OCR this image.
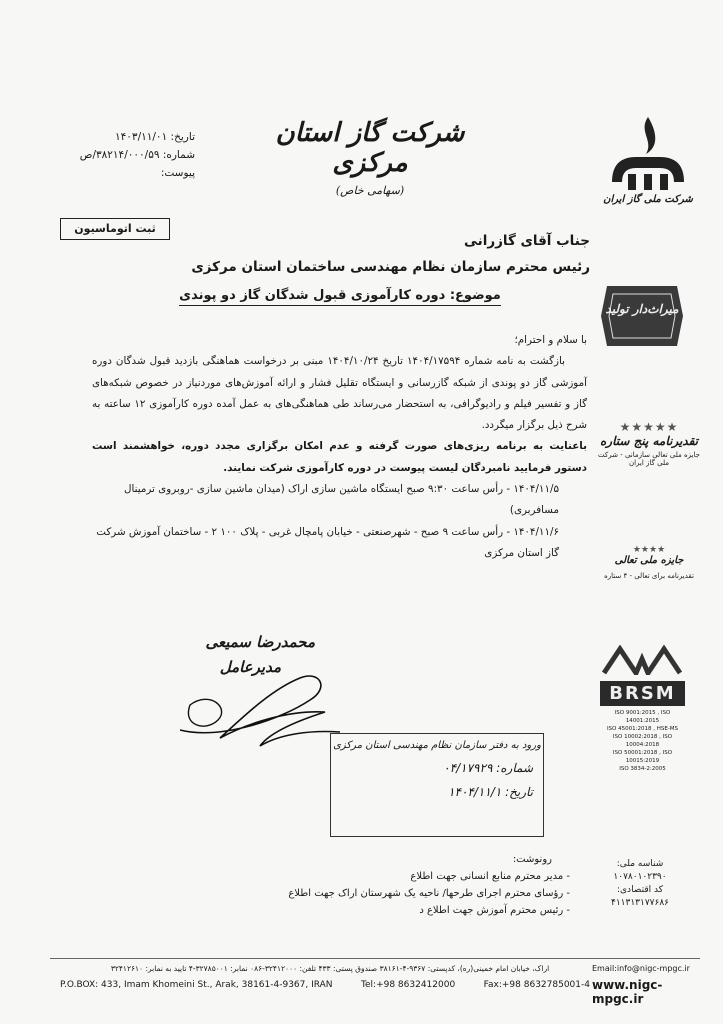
شرکت ملی گاز ایران
شرکت گاز استان مرکزی
(سهامی خاص)
تاریخ: ۱۴۰۳/۱۱/۰۱
شماره: ۳۸۲۱۴/۰۰۰/۵۹/ص
پیوست:
ثبت اتوماسیون
جناب آقای گازرانی
رئیس محترم سازمان نظام مهندسی ساختمان استان مرکزی
موضوع: دوره کارآموزی قبول شدگان گاز دو پوندی

با سلام و احترام؛

بازگشت به نامه شماره ۱۴۰۴/۱۷۵۹۴ تاریخ ۱۴۰۴/۱۰/۲۴ مبنی بر درخواست هماهنگی بازدید قبول شدگان دوره آموزشی گاز دو پوندی از شبکه گازرسانی و ایستگاه تقلیل فشار و ارائه آموزش‌های موردنیاز در خصوص شبکه‌های گاز و تفسیر فیلم و رادیوگرافی، به استحضار می‌رساند طی هماهنگی‌های به عمل آمده دوره کارآموزی ۱۲ ساعته به شرح ذیل برگزار میگردد.

باعنایت به برنامه ریزی‌های صورت گرفته و عدم امکان برگزاری مجدد دوره، خواهشمند است دستور فرمایید نامبردگان لیست پیوست در دوره کارآموزی شرکت نمایند.

۱۴۰۴/۱۱/۵ - رأس ساعت ۹:۳۰ صبح ایستگاه ماشین سازی اراک (میدان ماشین سازی -روبروی ترمینال مسافربری)

۱۴۰۴/۱۱/۶ - رأس ساعت ۹ صبح - شهرصنعتی - خیابان پامچال غربی - پلاک ۱۰۰ ۲ - ساختمان آموزش شرکت گاز استان مرکزی

میراث‌دار تولید
★★★★★
تقدیرنامه پنج ستاره
جایزه ملی تعالی سازمانی - شرکت ملی گاز ایران
★★★★
جایزه ملی تعالی
تقدیرنامه برای تعالی - ۴ ستاره
BRSM
ISO 9001:2015 , ISO 14001:2015
ISO 45001:2018 , HSE-MS
ISO 10002:2018 , ISO 10004:2018
ISO 50001:2018 , ISO 10015:2019
ISO 3834-2:2005
محمدرضا سمیعی
مدیرعامل
ورود به دفتر سازمان نظام مهندسی استان مرکزی
شماره: ۰۴/۱۷۹۲۹
تاریخ: ۱۴۰۴/۱۱/۱
رونوشت:
- مدیر محترم منابع انسانی جهت اطلاع
- رؤسای محترم اجرای طرحها/ ناحیه یک شهرستان اراک جهت اطلاع
- رئیس محترم آموزش جهت اطلاع د
شناسه ملی:
۱۰۷۸۰۱۰۲۳۹۰
کد اقتصادی:
۴۱۱۳۱۳۱۷۷۶۸۶
اراک، خیابان امام خمینی(ره)، کدپستی: ۹۳۶۷-۴-۳۸۱۶۱ صندوق پستی: ۴۳۳ تلفن: ۳۲۴۱۲۰۰۰-۰۸۶ نمابر: ۳۲۷۸۵۰۰۱-۴ تایید به نمابر: ۳۲۴۱۲۶۱۰
P.O.BOX: 433, Imam Khomeini St., Arak, 38161-4-9367, IRAN	Tel:+98 8632412000	Fax:+98 8632785001-4
Email:info@nigc-mpgc.ir
www.nigc-mpgc.ir
